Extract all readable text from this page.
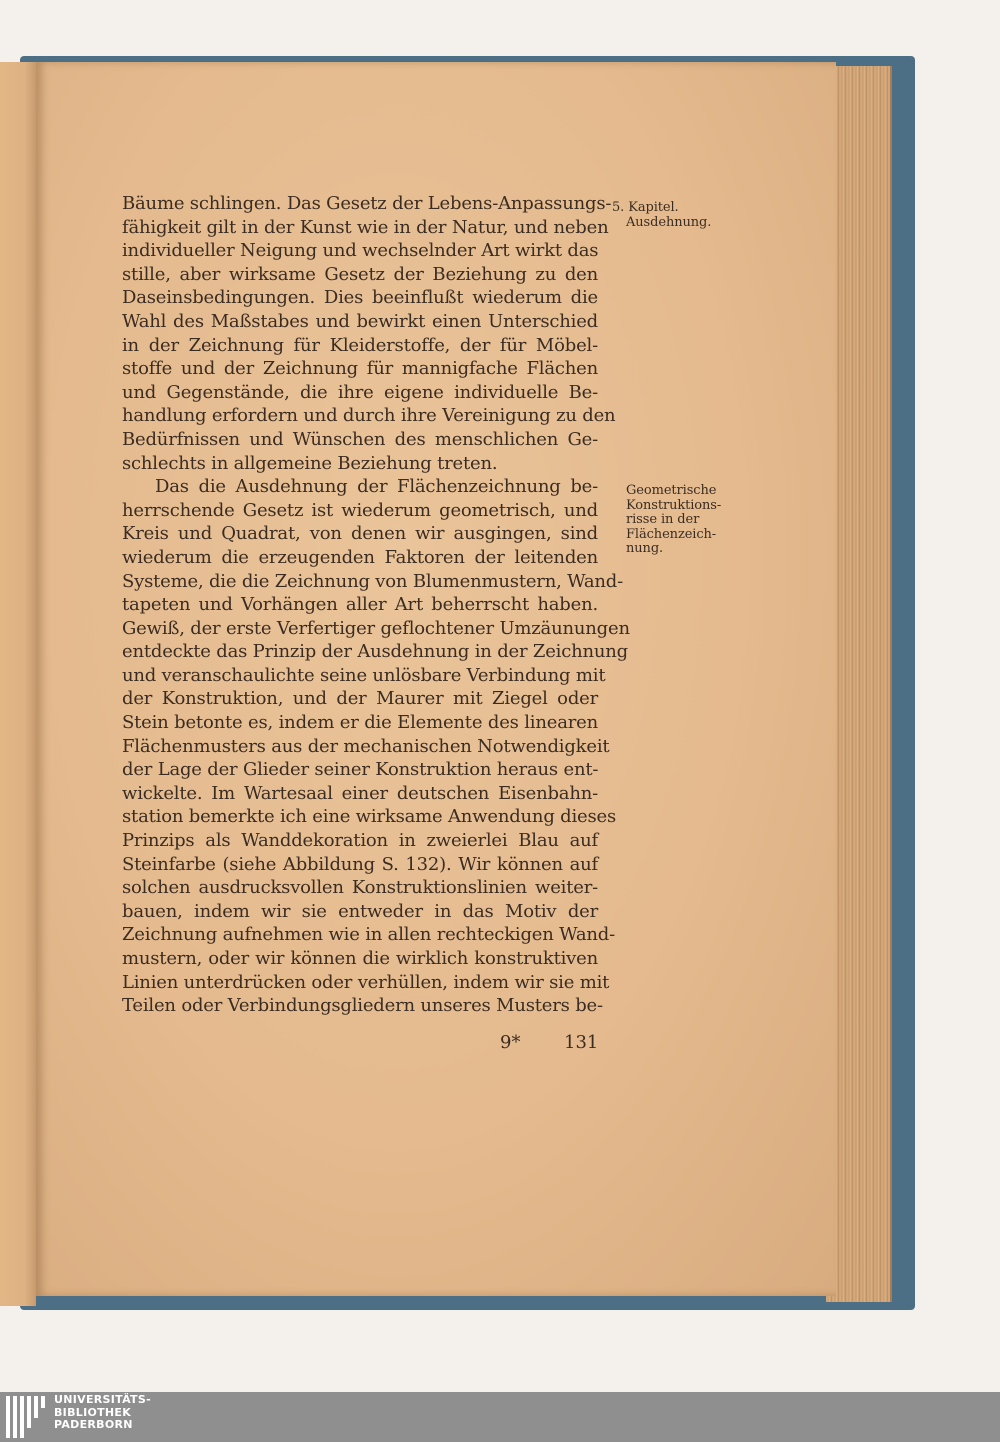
Bäume schlingen. Das Gesetz der Lebens-Anpassungs-
fähigkeit gilt in der Kunst wie in der Natur, und neben
individueller Neigung und wechselnder Art wirkt das
stille, aber wirksame Gesetz der Beziehung zu den
Daseinsbedingungen. Dies beeinflußt wiederum die
Wahl des Maßstabes und bewirkt einen Unterschied
in der Zeichnung für Kleiderstoffe, der für Möbel-
stoffe und der Zeichnung für mannigfache Flächen
und Gegenstände, die ihre eigene individuelle Be-
handlung erfordern und durch ihre Vereinigung zu den
Bedürfnissen und Wünschen des menschlichen Ge-
schlechts in allgemeine Beziehung treten.
Das die Ausdehnung der Flächenzeichnung be-
herrschende Gesetz ist wiederum geometrisch, und
Kreis und Quadrat, von denen wir ausgingen, sind
wiederum die erzeugenden Faktoren der leitenden
Systeme, die die Zeichnung von Blumenmustern, Wand-
tapeten und Vorhängen aller Art beherrscht haben.
Gewiß, der erste Verfertiger geflochtener Umzäunungen
entdeckte das Prinzip der Ausdehnung in der Zeichnung
und veranschaulichte seine unlösbare Verbindung mit
der Konstruktion, und der Maurer mit Ziegel oder
Stein betonte es, indem er die Elemente des linearen
Flächenmusters aus der mechanischen Notwendigkeit
der Lage der Glieder seiner Konstruktion heraus ent-
wickelte. Im Wartesaal einer deutschen Eisenbahn-
station bemerkte ich eine wirksame Anwendung dieses
Prinzips als Wanddekoration in zweierlei Blau auf
Steinfarbe (siehe Abbildung S. 132). Wir können auf
solchen ausdrucksvollen Konstruktionslinien weiter-
bauen, indem wir sie entweder in das Motiv der
Zeichnung aufnehmen wie in allen rechteckigen Wand-
mustern, oder wir können die wirklich konstruktiven
Linien unterdrücken oder verhüllen, indem wir sie mit
Teilen oder Verbindungsgliedern unseres Musters be-
5. Kapitel.
Ausdehnung.
Geometrische
Konstruktions-
risse in der
Flächenzeich-
nung.
9* 131
UNIVERSITÄTS-
BIBLIOTHEK
PADERBORN
